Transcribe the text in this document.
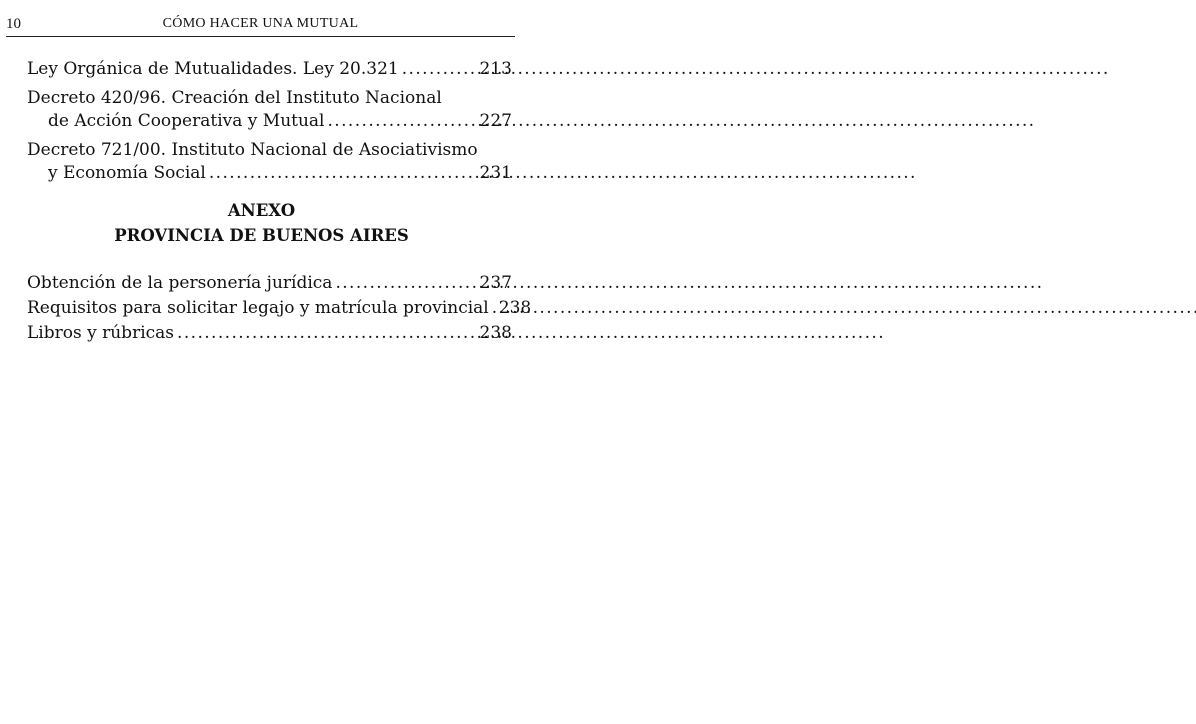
10	CÓMO HACER UNA MUTUAL
Ley Orgánica de Mutualidades. Ley 20.321 . . .	213
Decreto 420/96. Creación del Instituto Nacional
de Acción Cooperativa y Mutual . . .	227
Decreto 721/00. Instituto Nacional de Asociativismo
y Economía Social . . .	231
ANEXO
PROVINCIA DE BUENOS AIRES
Obtención de la personería jurídica . . .	237
Requisitos para solicitar legajo y matrícula provincial . . . 238
Libros y rúbricas . . .	238
